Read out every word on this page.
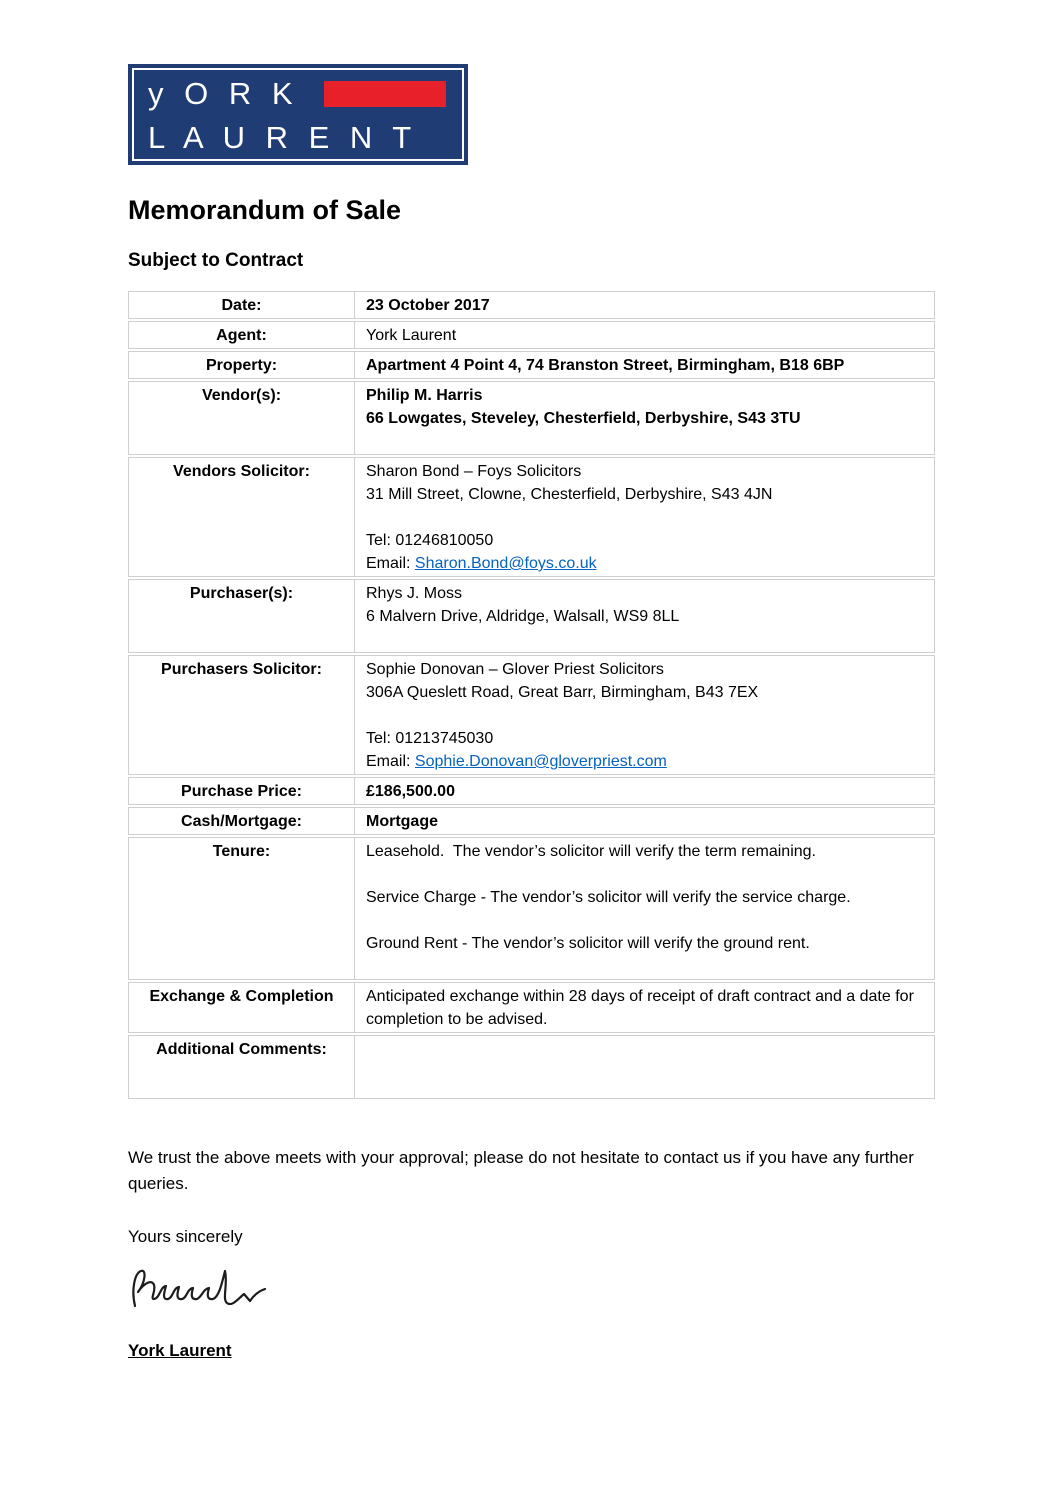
y O R K
L A U R E N T
Memorandum of Sale
Subject to Contract
Date:	23 October 2017
Agent:	York Laurent
Property:	Apartment 4 Point 4, 74 Branston Street, Birmingham, B18 6BP
Vendor(s):	Philip M. Harris
66 Lowgates, Steveley, Chesterfield, Derbyshire, S43 3TU

Vendors Solicitor:	Sharon Bond – Foys Solicitors
31 Mill Street, Clowne, Chesterfield, Derbyshire, S43 4JN

Tel: 01246810050
Email: Sharon.Bond@foys.co.uk
Purchaser(s):	Rhys J. Moss
6 Malvern Drive, Aldridge, Walsall, WS9 8LL

Purchasers Solicitor:	Sophie Donovan – Glover Priest Solicitors
306A Queslett Road, Great Barr, Birmingham, B43 7EX

Tel: 01213745030
Email: Sophie.Donovan@gloverpriest.com
Purchase Price:	£186,500.00
Cash/Mortgage:	Mortgage
Tenure:	Leasehold.  The vendor’s solicitor will verify the term remaining.

Service Charge - The vendor’s solicitor will verify the service charge.

Ground Rent - The vendor’s solicitor will verify the ground rent.

Exchange & Completion	Anticipated exchange within 28 days of receipt of draft contract and a date for completion to be advised.
Additional Comments:

We trust the above meets with your approval; please do not hesitate to contact us if you have any further queries.

Yours sincerely

York Laurent
